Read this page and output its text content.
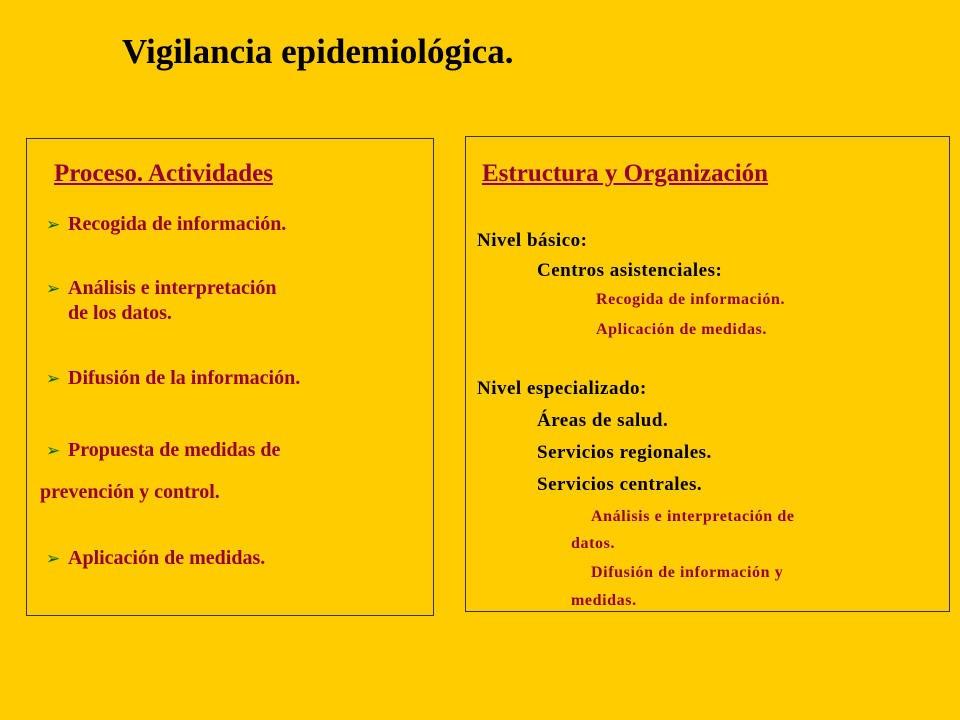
Vigilancia epidemiológica.
Proceso. Actividades	Estructura y Organización
➢ Recogida de información.
➢ Análisis e interpretación
de los datos.
➢ Difusión de la información.
➢ Propuesta de medidas de
prevención y control.
➢ Aplicación de medidas.
Nivel básico:
Centros asistenciales:
Recogida de información.
Aplicación de medidas.
Nivel especializado:
Áreas de salud.
Servicios regionales.
Servicios centrales.
Análisis e interpretación de
datos.
Difusión de información y
medidas.
